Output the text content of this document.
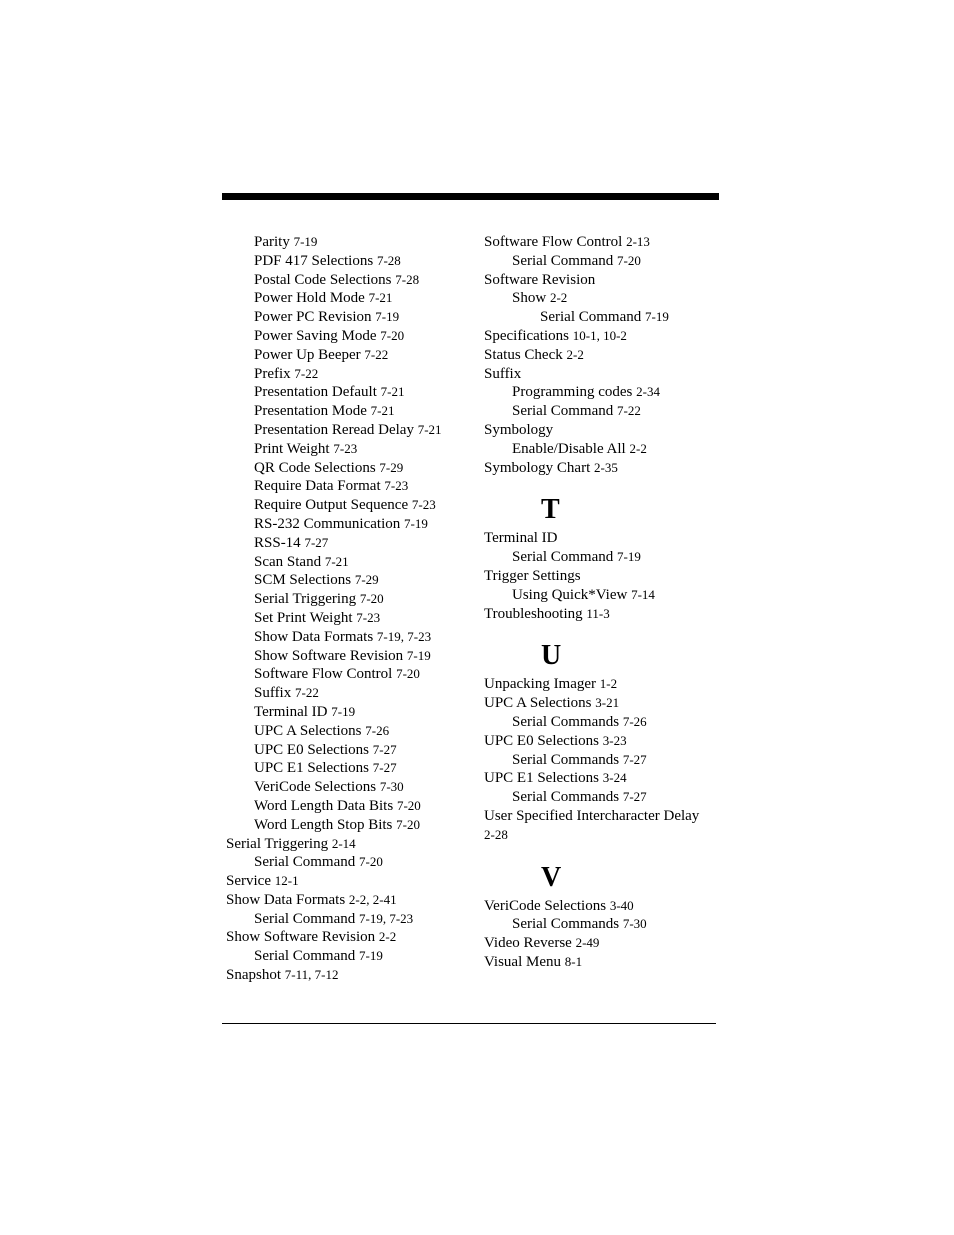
Parity 7-19
PDF 417 Selections 7-28
Postal Code Selections 7-28
Power Hold Mode 7-21
Power PC Revision 7-19
Power Saving Mode 7-20
Power Up Beeper 7-22
Prefix 7-22
Presentation Default 7-21
Presentation Mode 7-21
Presentation Reread Delay 7-21
Print Weight 7-23
QR Code Selections 7-29
Require Data Format 7-23
Require Output Sequence 7-23
RS-232 Communication 7-19
RSS-14 7-27
Scan Stand 7-21
SCM Selections 7-29
Serial Triggering 7-20
Set Print Weight 7-23
Show Data Formats 7-19, 7-23
Show Software Revision 7-19
Software Flow Control 7-20
Suffix 7-22
Terminal ID 7-19
UPC A Selections 7-26
UPC E0 Selections 7-27
UPC E1 Selections 7-27
VeriCode Selections 7-30
Word Length Data Bits 7-20
Word Length Stop Bits 7-20
Serial Triggering 2-14
Serial Command 7-20
Service 12-1
Show Data Formats 2-2, 2-41
Serial Command 7-19, 7-23
Show Software Revision 2-2
Serial Command 7-19
Snapshot 7-11, 7-12
Software Flow Control 2-13
Serial Command 7-20
Software Revision
Show 2-2
Serial Command 7-19
Specifications 10-1, 10-2
Status Check 2-2
Suffix
Programming codes 2-34
Serial Command 7-22
Symbology
Enable/Disable All 2-2
Symbology Chart 2-35
T
Terminal ID
Serial Command 7-19
Trigger Settings
Using Quick*View 7-14
Troubleshooting 11-3
U
Unpacking Imager 1-2
UPC A Selections 3-21
Serial Commands 7-26
UPC E0 Selections 3-23
Serial Commands 7-27
UPC E1 Selections 3-24
Serial Commands 7-27
User Specified Intercharacter Delay
2-28
V
VeriCode Selections 3-40
Serial Commands 7-30
Video Reverse 2-49
Visual Menu 8-1
